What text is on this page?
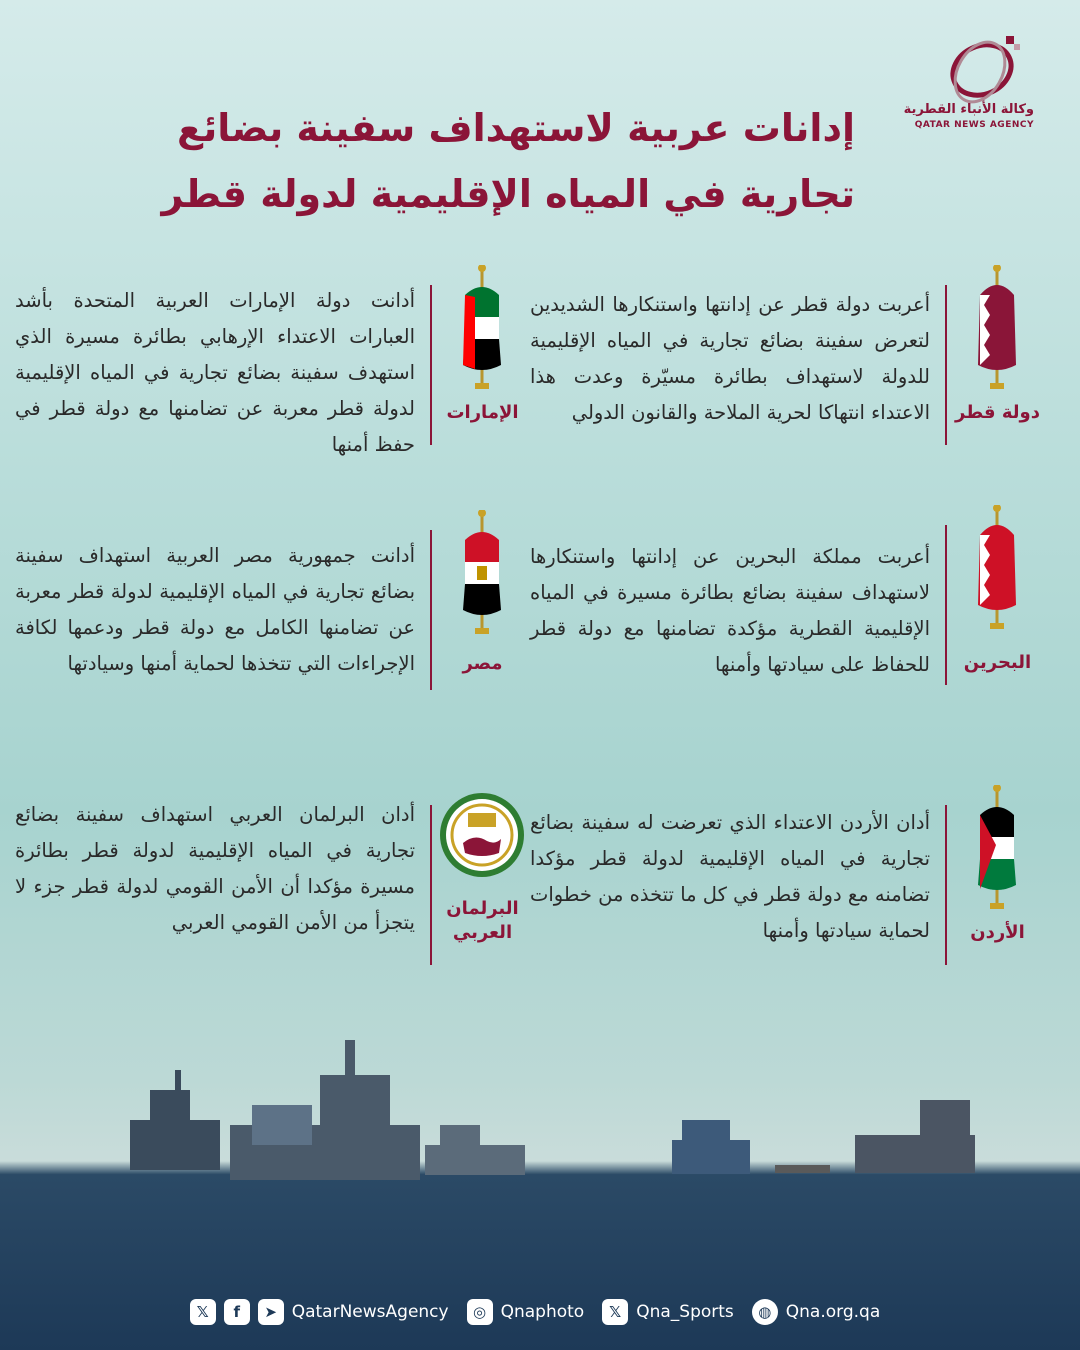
وكالة الأنباء القطرية
QATAR NEWS AGENCY
إدانات عربية لاستهداف سفينة بضائع
تجارية في المياه الإقليمية لدولة قطر
دولة قطر
أعربت دولة قطر عن إدانتها واستنكارها الشديدين لتعرض سفينة بضائع تجارية في المياه الإقليمية للدولة لاستهداف بطائرة مسيّرة وعدت هذا الاعتداء انتهاكا لحرية الملاحة والقانون الدولي
الإمارات
أدانت دولة الإمارات العربية المتحدة بأشد العبارات الاعتداء الإرهابي بطائرة مسيرة الذي استهدف سفينة بضائع تجارية في المياه الإقليمية لدولة قطر معربة عن تضامنها مع دولة قطر في حفظ أمنها
البحرين
أعربت مملكة البحرين عن إدانتها واستنكارها لاستهداف سفينة بضائع بطائرة مسيرة في المياه الإقليمية القطرية مؤكدة تضامنها مع دولة قطر للحفاظ على سيادتها وأمنها
مصر
أدانت جمهورية مصر العربية استهداف سفينة بضائع تجارية في المياه الإقليمية لدولة قطر معربة عن تضامنها الكامل مع دولة قطر ودعمها لكافة الإجراءات التي تتخذها لحماية أمنها وسيادتها
الأردن
أدان الأردن الاعتداء الذي تعرضت له سفينة بضائع تجارية في المياه الإقليمية لدولة قطر مؤكدا تضامنه مع دولة قطر في كل ما تتخذه من خطوات لحماية سيادتها وأمنها
البرلمان
العربي
أدان البرلمان العربي استهداف سفينة بضائع تجارية في المياه الإقليمية لدولة قطر بطائرة مسيرة مؤكدا أن الأمن القومي لدولة قطر جزء لا يتجزأ من الأمن القومي العربي
𝕏	f	➤ QatarNewsAgency	◎ Qnaphoto	𝕏 Qna_Sports	◍ Qna.org.qa
